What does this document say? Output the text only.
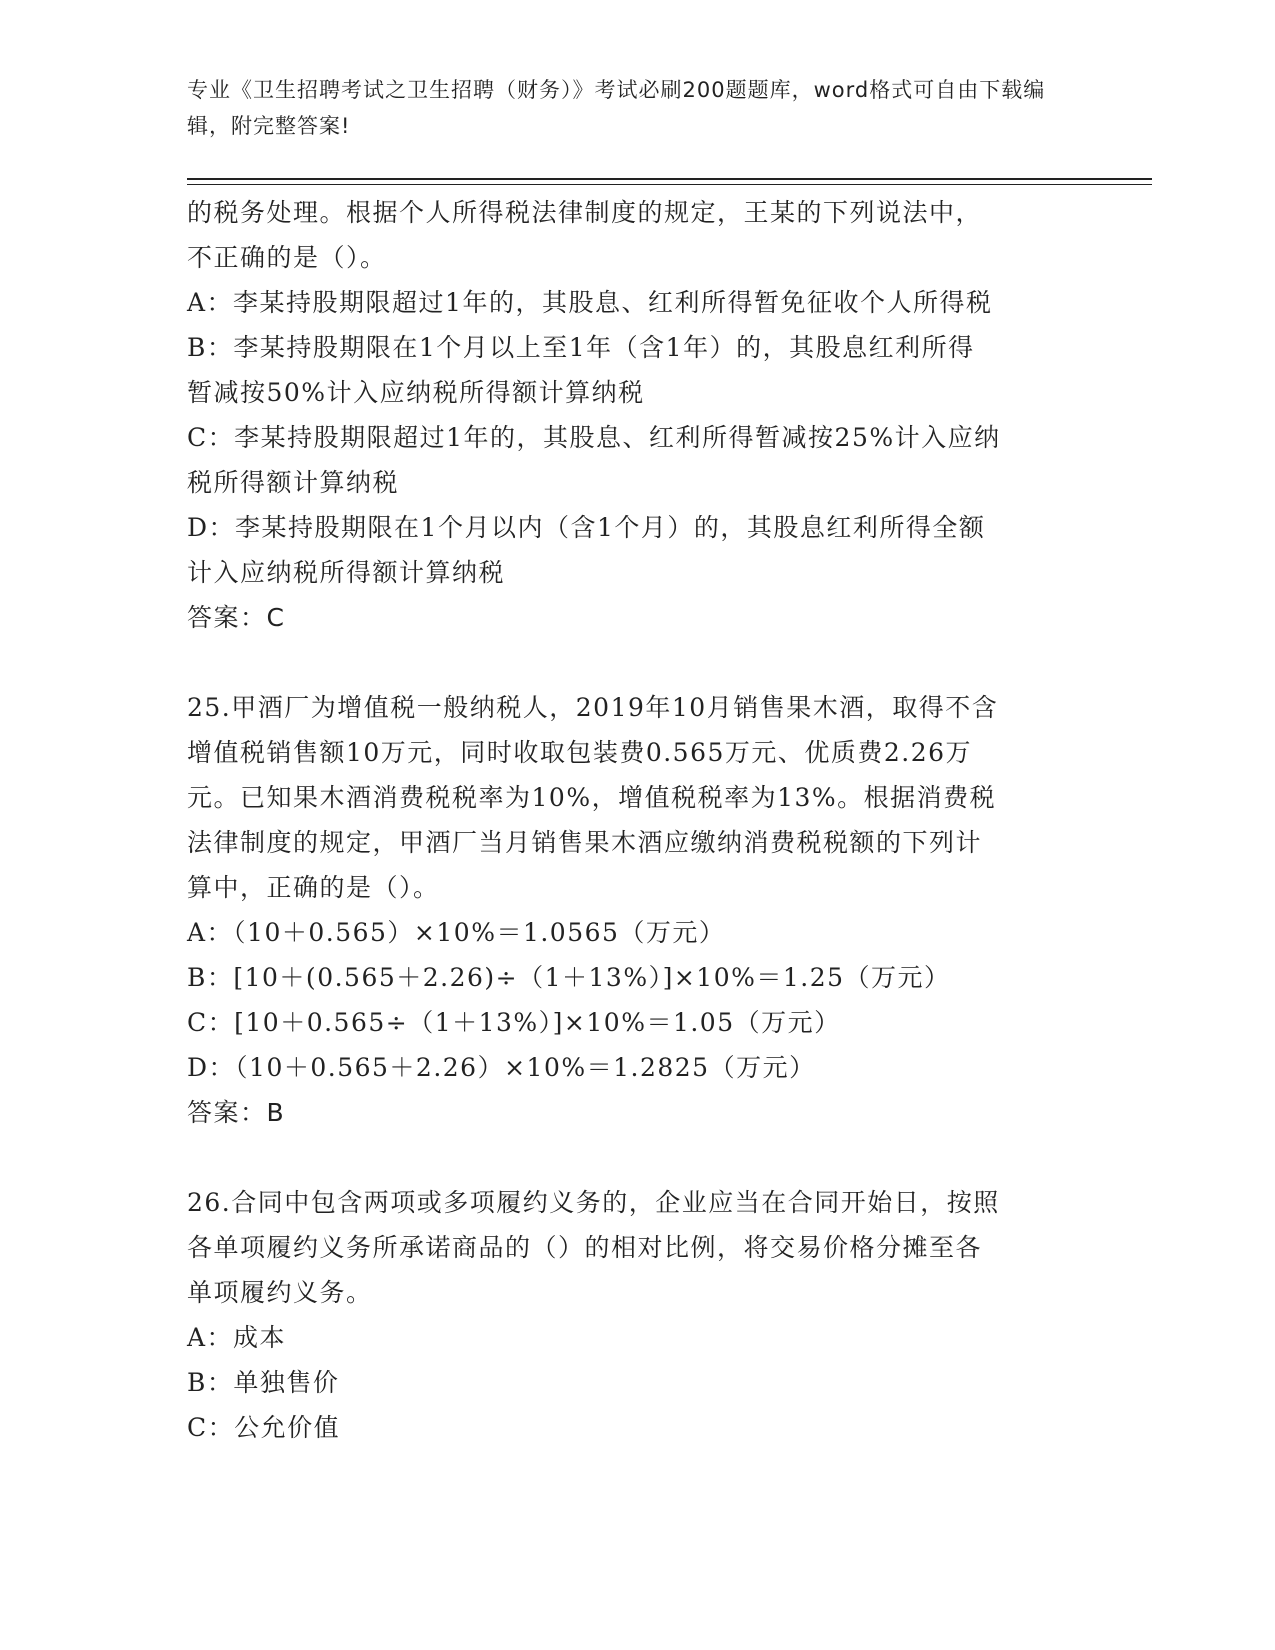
专业《卫生招聘考试之卫生招聘（财务）》考试必刷200题题库，word格式可自由下载编辑，附完整答案!

的税务处理。根据个人所得税法律制度的规定，王某的下列说法中，

不正确的是（）。

A：李某持股期限超过1年的，其股息、红利所得暂免征收个人所得税

B：李某持股期限在1个月以上至1年（含1年）的，其股息红利所得

暂减按50%计入应纳税所得额计算纳税

C：李某持股期限超过1年的，其股息、红利所得暂减按25%计入应纳

税所得额计算纳税

D：李某持股期限在1个月以内（含1个月）的，其股息红利所得全额

计入应纳税所得额计算纳税

答案：C

25.甲酒厂为增值税一般纳税人，2019年10月销售果木酒，取得不含

增值税销售额10万元，同时收取包装费0.565万元、优质费2.26万

元。已知果木酒消费税税率为10%，增值税税率为13%。根据消费税

法律制度的规定，甲酒厂当月销售果木酒应缴纳消费税税额的下列计

算中，正确的是（）。

A：（10＋0.565）×10%＝1.0565（万元）

B：[10＋(0.565＋2.26)÷（1＋13%）]×10%＝1.25（万元）

C：[10＋0.565÷（1＋13%）]×10%＝1.05（万元）

D：（10＋0.565＋2.26）×10%＝1.2825（万元）

答案：B

26.合同中包含两项或多项履约义务的，企业应当在合同开始日，按照

各单项履约义务所承诺商品的（）的相对比例，将交易价格分摊至各

单项履约义务。

A：成本

B：单独售价

C：公允价值
